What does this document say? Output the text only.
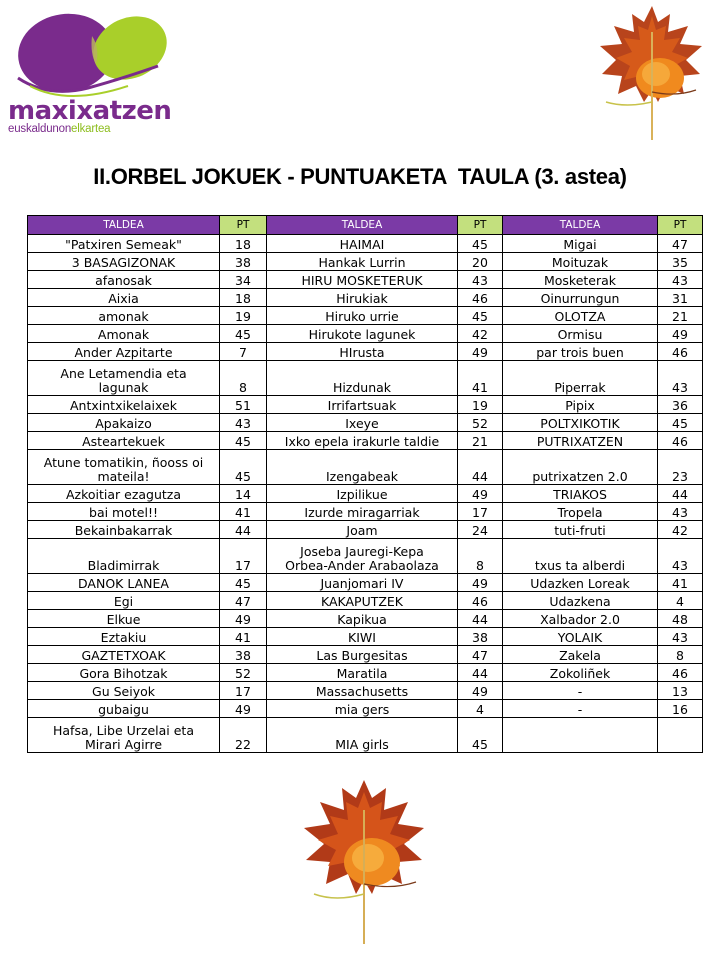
maxixatzen
euskaldunonelkartea
II.ORBEL JOKUEK - PUNTUAKETA  TAULA (3. astea)
TALDEA	PT	TALDEA	PT	TALDEA	PT
"Patxiren Semeak"	18	HAIMAI	45	Migai	47
3 BASAGIZONAK	38	Hankak Lurrin	20	Moituzak	35
afanosak	34	HIRU MOSKETERUK	43	Mosketerak	43
Aixia	18	Hirukiak	46	Oinurrungun	31
amonak	19	Hiruko urrie	45	OLOTZA	21
Amonak	45	Hirukote lagunek	42	Ormisu	49
Ander Azpitarte	7	HIrusta	49	par trois buen	46
Ane Letamendia eta
lagunak	8	Hizdunak	41	Piperrak	43
Antxintxikelaixek	51	Irrifartsuak	19	Pipix	36
Apakaizo	43	Ixeye	52	POLTXIKOTIK	45
Asteartekuek	45	Ixko epela irakurle taldie	21	PUTRIXATZEN	46
Atune tomatikin, ñooss oi
mateila!	45	Izengabeak	44	putrixatzen 2.0	23
Azkoitiar ezagutza	14	Izpilikue	49	TRIAKOS	44
bai motel!!	41	Izurde miragarriak	17	Tropela	43
Bekainbakarrak	44	Joam	24	tuti-fruti	42
Bladimirrak	17	Joseba Jauregi-Kepa
Orbea-Ander Arabaolaza	8	txus ta alberdi	43
DANOK LANEA	45	Juanjomari IV	49	Udazken Loreak	41
Egi	47	KAKAPUTZEK	46	Udazkena	4
Elkue	49	Kapikua	44	Xalbador 2.0	48
Eztakiu	41	KIWI	38	YOLAIK	43
GAZTETXOAK	38	Las Burgesitas	47	Zakela	8
Gora Bihotzak	52	Maratila	44	Zokoliñek	46
Gu Seiyok	17	Massachusetts	49	-	13
gubaigu	49	mia gers	4	-	16
Hafsa, Libe Urzelai eta
Mirari Agirre	22	MIA girls	45		
